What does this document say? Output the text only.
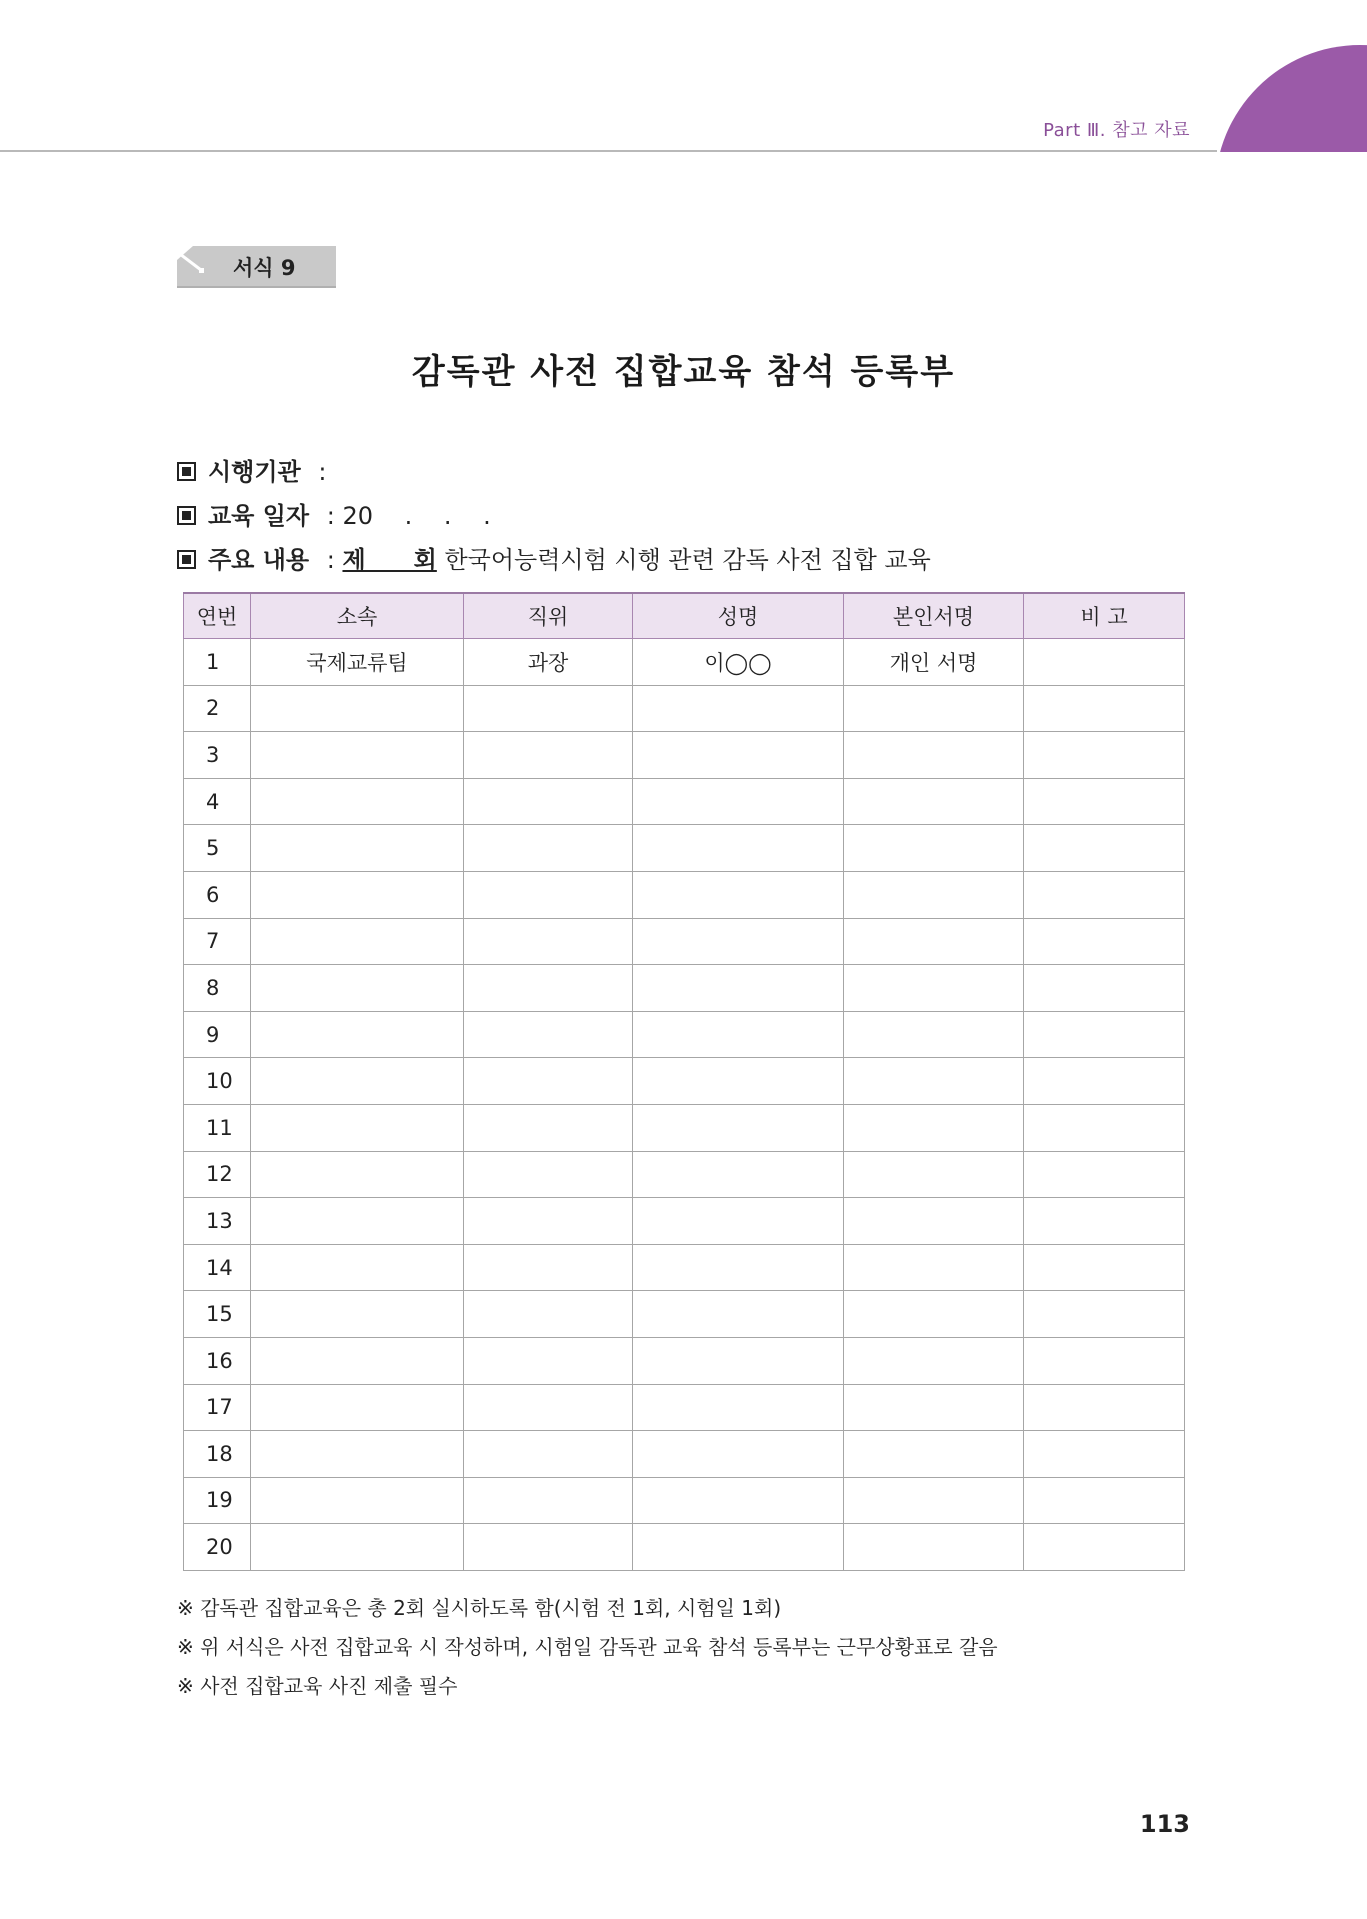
Part Ⅲ. 참고 자료
서식 9
감독관 사전 집합교육 참석 등록부
시행기관 :
교육 일자 : 20　 .　 .　 .
주요 내용 : 제　　회 한국어능력시험 시행 관련 감독 사전 집합 교육
연번	소속	직위	성명	본인서명	비 고
1	국제교류팀	과장	이◯◯	개인 서명	
2					
3					
4					
5					
6					
7					
8					
9					
10					
11					
12					
13					
14					
15					
16					
17					
18					
19					
20					
※ 감독관 집합교육은 총 2회 실시하도록 함(시험 전 1회, 시험일 1회)
※ 위 서식은 사전 집합교육 시 작성하며, 시험일 감독관 교육 참석 등록부는 근무상황표로 갈음
※ 사전 집합교육 사진 제출 필수
113
